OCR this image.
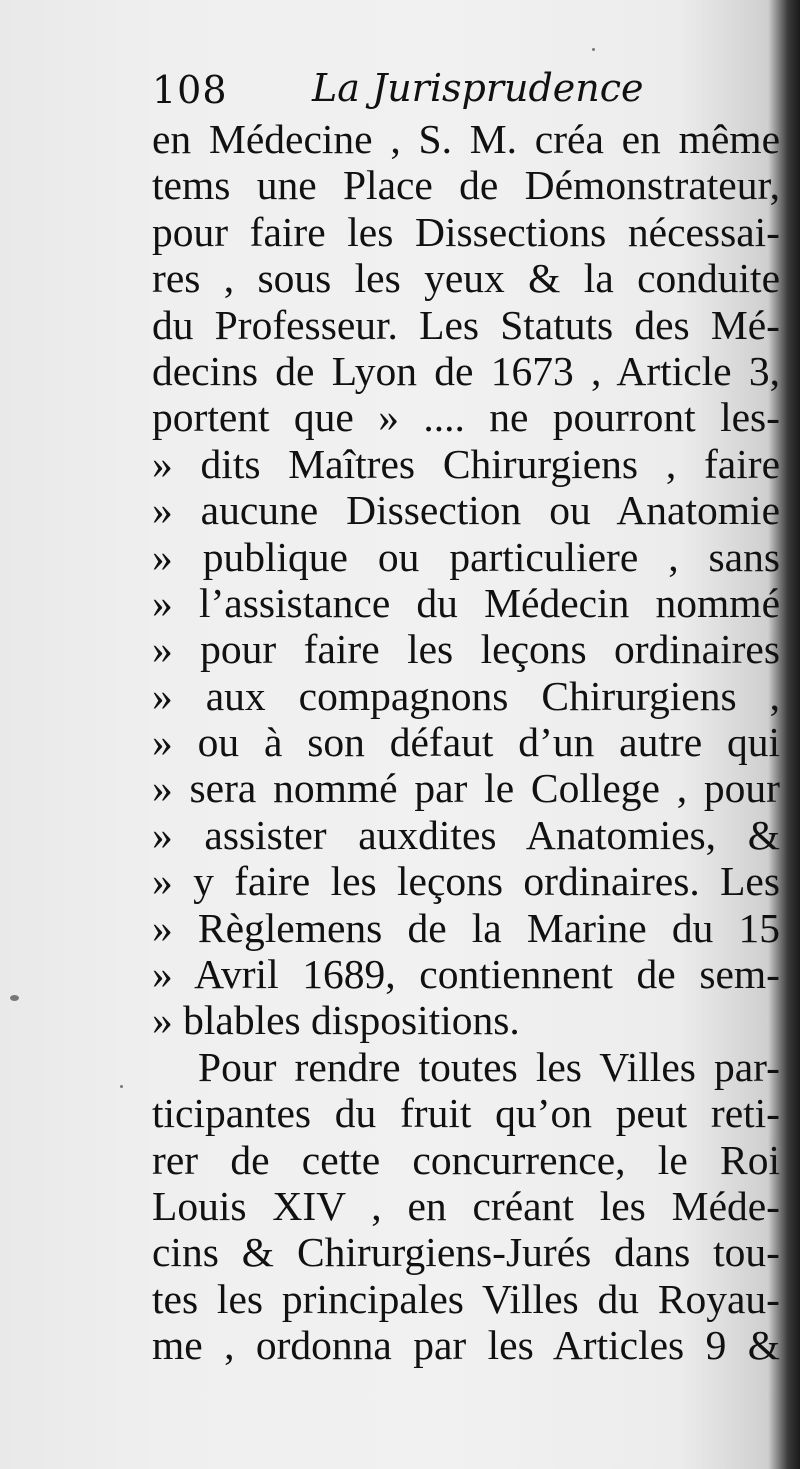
108 La Jurisprudence
en Médecine , S. M. créa en même
tems une Place de Démonstrateur,
pour faire les Dissections nécessai-
res , sous les yeux & la conduite
du Professeur. Les Statuts des Mé-
decins de Lyon de 1673 , Article 3,
portent que » .... ne pourront les-
» dits Maîtres Chirurgiens , faire
» aucune Dissection ou Anatomie
» publique ou particuliere , sans
» l’assistance du Médecin nommé
» pour faire les leçons ordinaires
» aux compagnons Chirurgiens ,
» ou à son défaut d’un autre qui
» sera nommé par le College , pour
» assister auxdites Anatomies, &
» y faire les leçons ordinaires. Les
» Règlemens de la Marine du 15
» Avril 1689, contiennent de sem-
» blables dispositions.
Pour rendre toutes les Villes par-
ticipantes du fruit qu’on peut reti-
rer de cette concurrence, le Roi
Louis XIV , en créant les Méde-
cins & Chirurgiens-Jurés dans tou-
tes les principales Villes du Royau-
me , ordonna par les Articles 9 &
